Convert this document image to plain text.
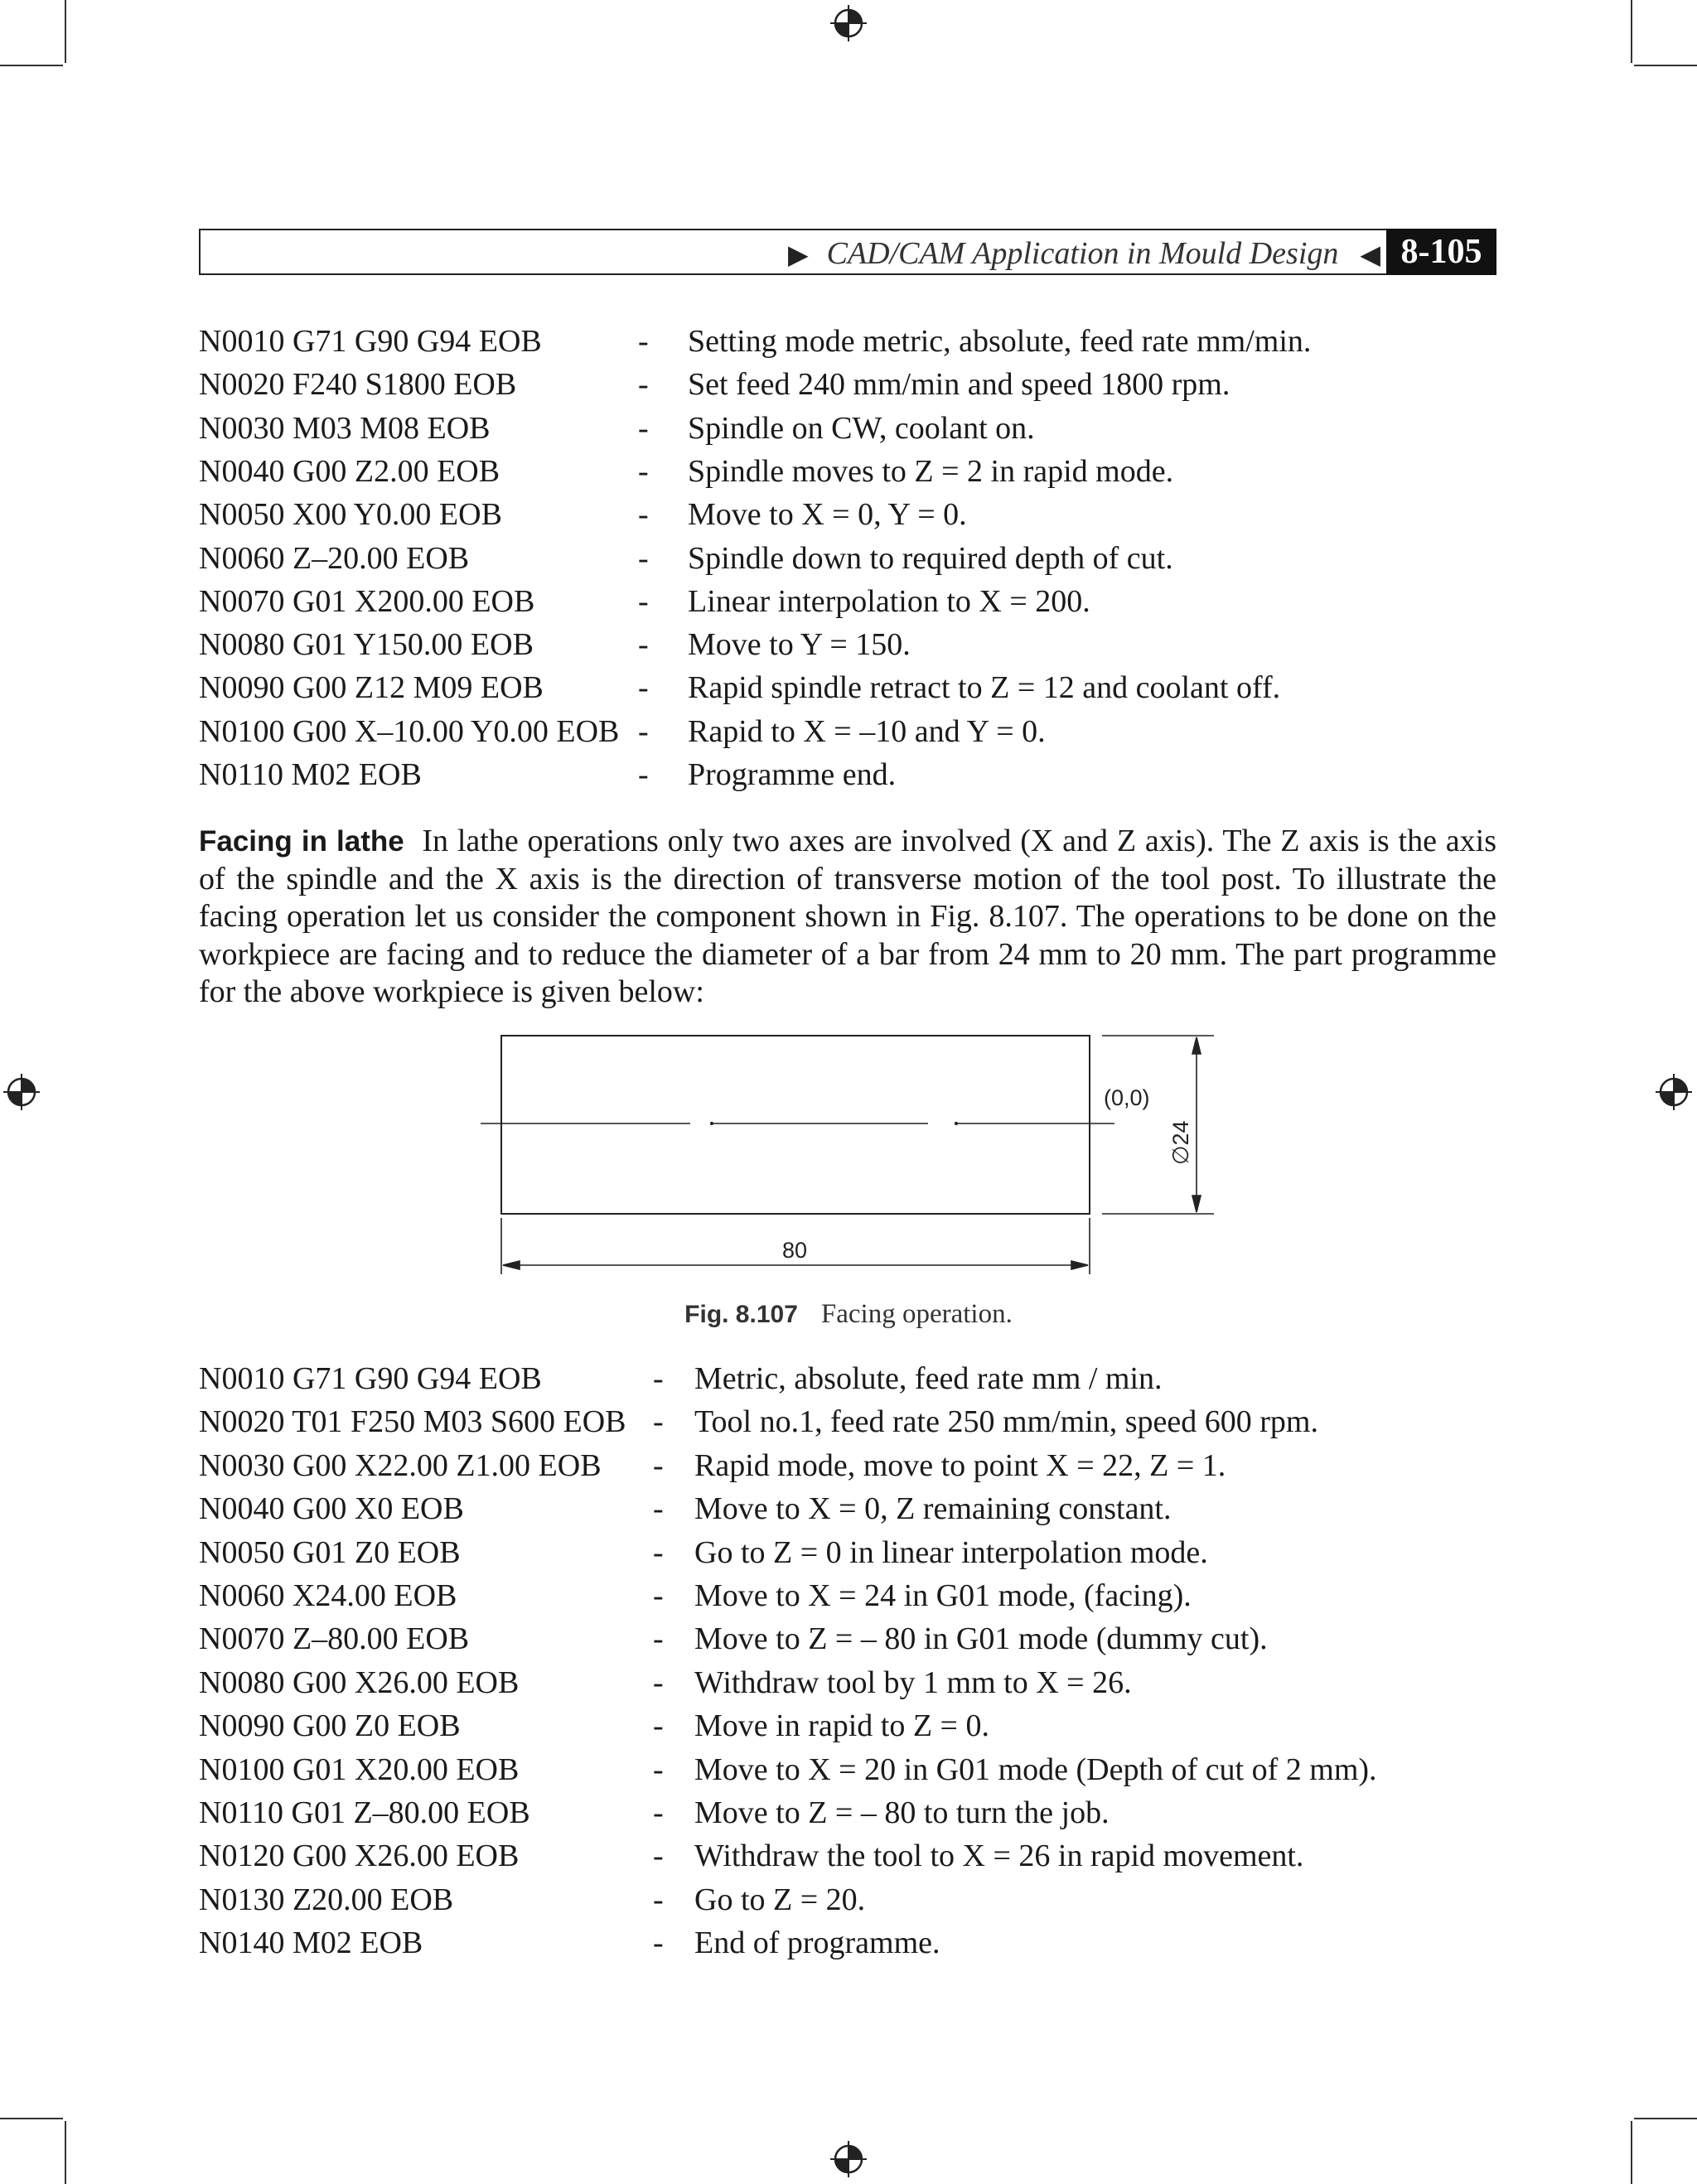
▶ CAD/CAM Application in Mould Design ◀ 8-105
N0010 G71 G90 G94 EOB	- Setting mode metric, absolute, feed rate mm/min.
N0020 F240 S1800 EOB	- Set feed 240 mm/min and speed 1800 rpm.
N0030 M03 M08 EOB	- Spindle on CW, coolant on.
N0040 G00 Z2.00 EOB	- Spindle moves to Z = 2 in rapid mode.
N0050 X00 Y0.00 EOB	- Move to X = 0, Y = 0.
N0060 Z–20.00 EOB	- Spindle down to required depth of cut.
N0070 G01 X200.00 EOB	- Linear interpolation to X = 200.
N0080 G01 Y150.00 EOB	- Move to Y = 150.
N0090 G00 Z12 M09 EOB	- Rapid spindle retract to Z = 12 and coolant off.
N0100 G00 X–10.00 Y0.00 EOB - Rapid to X = –10 and Y = 0.
N0110 M02 EOB	- Programme end.
Facing in lathe In lathe operations only two axes are involved (X and Z axis). The Z axis is the axis of the spindle and the X axis is the direction of transverse motion of the tool post. To illustrate the facing operation let us consider the component shown in Fig. 8.107. The operations to be done on the workpiece are facing and to reduce the diameter of a bar from 24 mm to 20 mm. The part programme for the above workpiece is given below:
∅24
(0,0)
80
Fig. 8.107 Facing operation.
N0010 G71 G90 G94 EOB	- Metric, absolute, feed rate mm / min.
N0020 T01 F250 M03 S600 EOB - Tool no.1, feed rate 250 mm/min, speed 600 rpm.
N0030 G00 X22.00 Z1.00 EOB - Rapid mode, move to point X = 22, Z = 1.
N0040 G00 X0 EOB	- Move to X = 0, Z remaining constant.
N0050 G01 Z0 EOB	- Go to Z = 0 in linear interpolation mode.
N0060 X24.00 EOB	- Move to X = 24 in G01 mode, (facing).
N0070 Z–80.00 EOB	- Move to Z = – 80 in G01 mode (dummy cut).
N0080 G00 X26.00 EOB	- Withdraw tool by 1 mm to X = 26.
N0090 G00 Z0 EOB	- Move in rapid to Z = 0.
N0100 G01 X20.00 EOB	- Move to X = 20 in G01 mode (Depth of cut of 2 mm).
N0110 G01 Z–80.00 EOB	- Move to Z = – 80 to turn the job.
N0120 G00 X26.00 EOB	- Withdraw the tool to X = 26 in rapid movement.
N0130 Z20.00 EOB	- Go to Z = 20.
N0140 M02 EOB	- End of programme.
